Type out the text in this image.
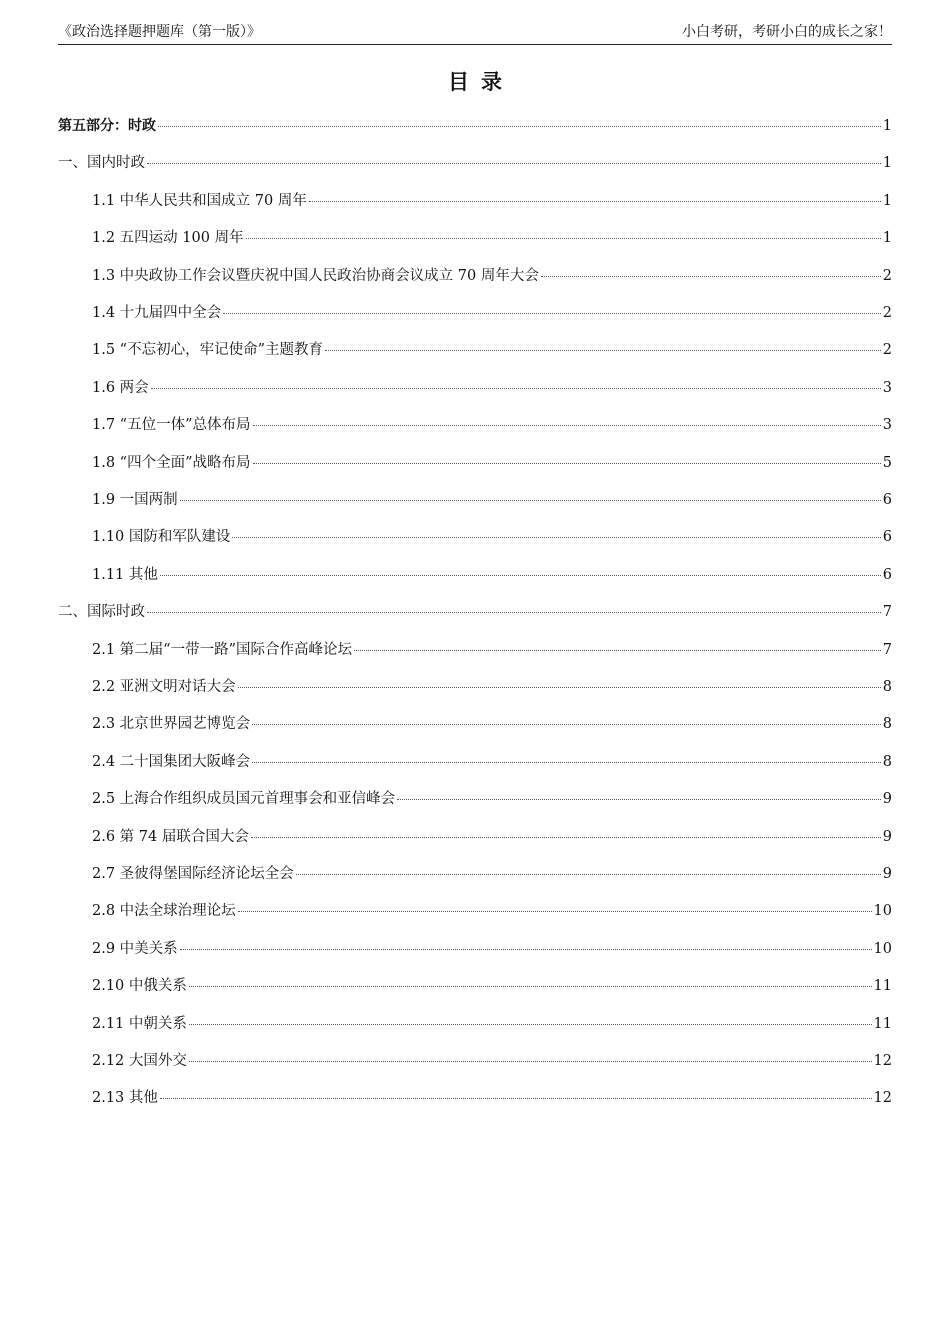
《政治选择题押题库（第一版）》	小白考研，考研小白的成长之家！
目录
第五部分：时政	1
一、国内时政	1
1.1 中华人民共和国成立 70 周年	1
1.2 五四运动 100 周年	1
1.3 中央政协工作会议暨庆祝中国人民政治协商会议成立 70 周年大会	2
1.4 十九届四中全会	2
1.5 “不忘初心，牢记使命”主题教育	2
1.6 两会	3
1.7 “五位一体”总体布局	3
1.8 “四个全面”战略布局	5
1.9 一国两制	6
1.10 国防和军队建设	6
1.11 其他	6
二、国际时政	7
2.1 第二届“一带一路”国际合作高峰论坛	7
2.2 亚洲文明对话大会	8
2.3 北京世界园艺博览会	8
2.4 二十国集团大阪峰会	8
2.5 上海合作组织成员国元首理事会和亚信峰会	9
2.6 第 74 届联合国大会	9
2.7 圣彼得堡国际经济论坛全会	9
2.8 中法全球治理论坛	10
2.9 中美关系	10
2.10 中俄关系	11
2.11 中朝关系	11
2.12 大国外交	12
2.13 其他	12
